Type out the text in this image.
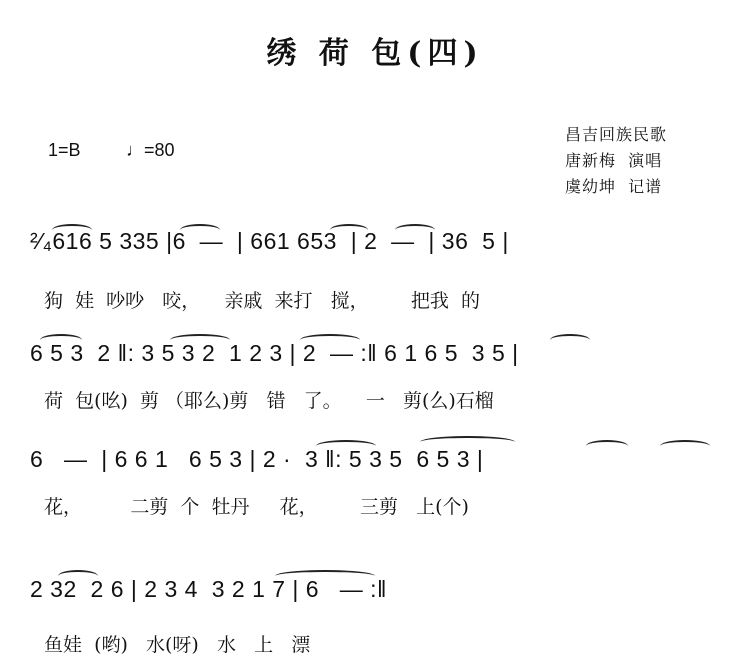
绣 荷 包(四)
1=B	♩=80
昌吉回族民歌
唐新梅  演唱
虞幼坤  记谱
²⁄₄616 5 335 |6  —  | 661 653  | 2  —  | 36  5 |
狗  娃  吵吵   咬，    亲戚  来打   搅，       把我  的
6 5 3  2 ‖: 3 5 3 2  1 2 3 | 2  — :‖ 6 1 6 5  3 5 |
荷  包(吆)  剪 （耶么)剪   错   了。    一   剪(么)石榴
6   —  | 6 6 1   6 5 3 | 2 ·  3 ‖: 5 3 5  6 5 3 |
花，        二剪  个  牡丹     花，       三剪   上(个)
2 32  2 6 | 2 3 4  3 2 1 7 | 6   — :‖
鱼娃  (哟)   水(呀)   水   上   漂
